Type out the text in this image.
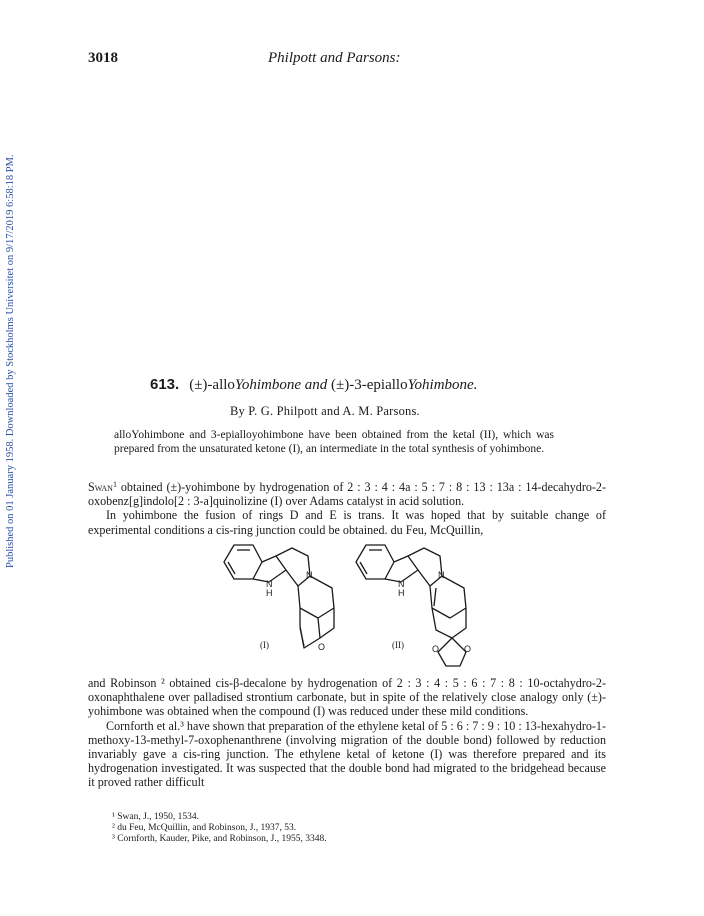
3018	Philpott and Parsons:
Published on 01 January 1958. Downloaded by Stockholms Universitet on 9/17/2019 6:58:18 PM.	613. (±)-alloYohimbone and (±)-3-epialloYohimbone.
By P. G. Philpott and A. M. Parsons.
alloYohimbone and 3-epialloyohimbone have been obtained from the ketal (II), which was prepared from the unsaturated ketone (I), an intermediate in the total synthesis of yohimbone.

Swan$^1$ obtained (±)-yohimbone by hydrogenation of 2 : 3 : 4 : 4a : 5 : 7 : 8 : 13 : 13a : 14-decahydro-2-oxobenz[g]indolo[2 : 3-a]quinolizine (I) over Adams catalyst in acid solution.

In yohimbone the fusion of rings D and E is trans. It was hoped that by suitable change of experimental conditions a cis-ring junction could be obtained. du Feu, McQuillin,

N
H
N
O
(I)
N
H
N
O	O
(II)

and Robinson ² obtained cis-β-decalone by hydrogenation of 2 : 3 : 4 : 5 : 6 : 7 : 8 : 10-octahydro-2-oxonaphthalene over palladised strontium carbonate, but in spite of the relatively close analogy only (±)-yohimbone was obtained when the compound (I) was reduced under these mild conditions.

Cornforth et al.³ have shown that preparation of the ethylene ketal of 5 : 6 : 7 : 9 : 10 : 13-hexahydro-1-methoxy-13-methyl-7-oxophenanthrene (involving migration of the double bond) followed by reduction invariably gave a cis-ring junction. The ethylene ketal of ketone (I) was therefore prepared and its hydrogenation investigated. It was suspected that the double bond had migrated to the bridgehead because it proved rather difficult

¹ Swan, J., 1950, 1534.
² du Feu, McQuillin, and Robinson, J., 1937, 53.
³ Cornforth, Kauder, Pike, and Robinson, J., 1955, 3348.
